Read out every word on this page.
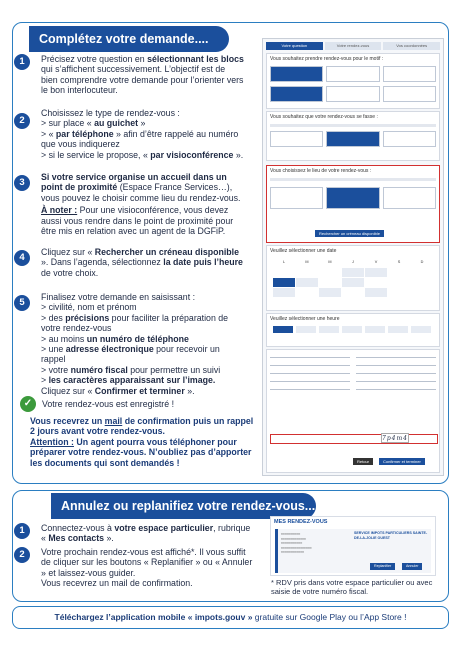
Complétez votre demande....
1	Précisez votre question en sélectionnant les blocs qui s’affichent successivement. L’objectif est de bien comprendre votre demande pour l’orienter vers le bon interlocuteur.
2
Choisissez le type de rendez-vous :
> sur place « au guichet »
> « par téléphone » afin d’être rappelé au numéro que vous indiquerez
> si le service le propose, « par visioconférence ».
3	Si votre service organise un accueil dans un point de proximité (Espace France Services…), vous pouvez le choisir comme lieu du rendez-vous.
À noter : Pour une visioconférence, vous devez aussi vous rendre dans le point de proximité pour être mis en relation avec un agent de la DGFiP.
4	Cliquez sur « Rechercher un créneau disponible ». Dans l’agenda, sélectionnez la date puis l’heure de votre choix.
5	Finalisez votre demande en saisissant :
> civilité, nom et prénom
> des précisions pour faciliter la préparation de votre rendez-vous
> au moins un numéro de téléphone
> une adresse électronique pour recevoir un rappel
> votre numéro fiscal pour permettre un suivi
> les caractères apparaissant sur l’image.
Cliquez sur « Confirmer et terminer ».
✓	Votre rendez-vous est enregistré !
Vous recevrez un mail de confirmation puis un rappel 2 jours avant votre rendez-vous.
Attention : Un agent pourra vous téléphoner pour préparer votre rendez-vous. N’oubliez pas d’apporter les documents qui sont demandés !
Votre question	Votre rendez-vous	Vos coordonnées
Vous souhaitez prendre rendez-vous pour le motif :
Vous souhaitez que votre rendez-vous se fasse :
Vous choisissez le lieu de votre rendez-vous :
Rechercher un créneau disponible
Veuillez sélectionner une date
L	M	M	J	V	S	D
Veuillez sélectionner une heure
Retour	Confirmer et terminer
7p4m4
Annulez ou replanifiez votre rendez-vous...
1	Connectez-vous à votre espace particulier, rubrique « Mes contacts ».
2	Votre prochain rendez-vous est affiché*. Il vous suffit de cliquer sur les boutons « Replanifier » ou « Annuler » et laissez-vous guider.
Vous recevrez un mail de confirmation.
MES RENDEZ-VOUS
━━━━━━━━━━
━━━━━━━━━━━━━
━━━━━━━━━━━
━━━━━━━━━━━━━━━━
━━━━━━━━━━━━
SERVICE IMPOTS PARTICULIERS SAINTE-DE-LA-JOLIE OUEST
Replanifier	Annuler
* RDV pris dans votre espace particulier ou avec saisie de votre numéro fiscal.
Téléchargez l’application mobile « impots.gouv » gratuite sur Google Play ou l’App Store !
